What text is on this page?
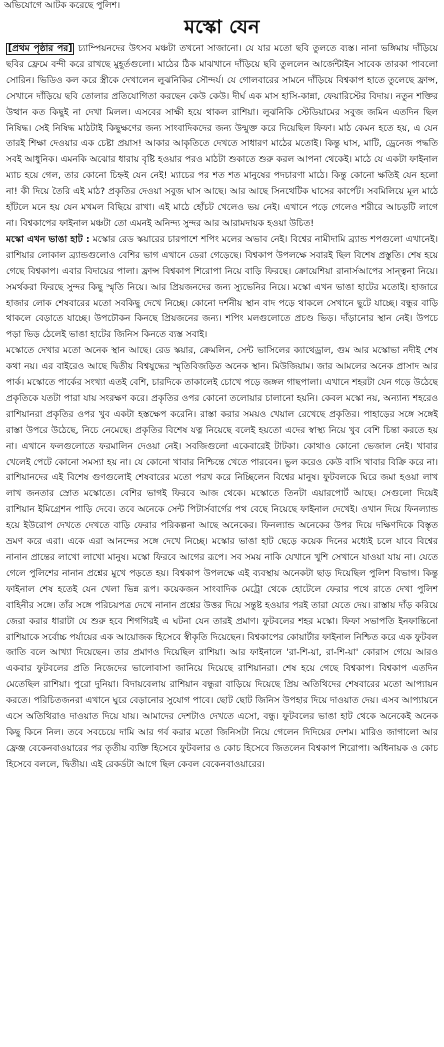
অভিযোগে আটক করেছে পুলিশ।
মস্কো যেন

[প্রথম পৃষ্ঠার পর] চ্যাম্পিয়নদের উৎসব মঞ্চটা তখনো সাজানো। যে যার মতো ছবি তুলতে ব্যস্ত। নানা ভঙ্গিমায় দাঁড়িয়ে ছবির ফ্রেমে বন্দী করে রাখছে মুহূর্তগুলো। মাঠের ঠিক মাঝখানে দাঁড়িয়ে ছবি তুললেন আর্জেন্টাইন সাবেক তারকা পাবলো সোরিন। ভিডিও কল করে স্ত্রীকে দেখালেন লুঝনিকির সৌন্দর্য। যে গোলবারের সামনে দাঁড়িয়ে বিশ্বকাপ হাতে তুলেছে ফ্রান্স, সেখানে দাঁড়িয়ে ছবি তোলার প্রতিযোগিতা করছেন কেউ কেউ। দীর্ঘ এক মাস হাসি-কান্না, ফেয়ারিস্টের বিদায়। নতুন শক্তির উত্থান কত কিছুই না দেখা মিলল। এসবের সাক্ষী হয়ে থাকল রাশিয়া। লুঝনিকি স্টেডিয়ামের সবুজ জমিন এতদিন ছিল নিষিদ্ধ। সেই নিষিদ্ধ মাঠটাই কিছুক্ষণের জন্য সাংবাদিকদের জন্য উন্মুক্ত করে দিয়েছিল ফিফা। মাঠ কেমন হতে হয়, এ যেন তারই শিক্ষা দেওয়ার এক চেষ্টা প্রয়াস! আকার আকৃতিতে দেখতে সাধারণ মাঠের মতোই। কিন্তু ঘাস, মাটি, ড্রেনেজ পদ্ধতি সবই আধুনিক। এমনকি অঝোর ধারায় বৃষ্টি হওয়ার পরও মাঠটা শুকাতে শুরু করল আপনা থেকেই। মাঠে যে একটা ফাইনাল ম্যাচ হয়ে গেল, তার কোনো চিহ্নই যেন নেই! ম্যাচের পর শত শত মানুষের পদচারণা মাঠে। কিন্তু কোনো ক্ষতিই যেন হলো না! কী দিয়ে তৈরি এই মাঠ? প্রকৃতির দেওয়া সবুজ ঘাস আছে। আর আছে সিনথেটিক ঘাসের কার্পেট। সবমিলিয়ে মূল মাঠে হাঁটলে মনে হয় যেন মখমল বিছিয়ে রাখা। এই মাঠে হোঁচট খেলেও ভয় নেই। এখানে পড়ে গেলেও শরীরে আচড়টি লাগে না। বিশ্বকাপের ফাইনাল মঞ্চটা তো এমনই অনিন্দ্য সুন্দর আর আরামদায়ক হওয়া উচিত!

মস্কো এখন ভাঙা হাট : মস্কোর রেড স্কয়ারের চারপাশে শপিং মলের অভাব নেই। বিশ্বের নামীদামি ব্র্যান্ড শপগুলো এখানেই। রাশিয়ার লোকাল ব্র্যান্ডগুলোও বেশির ভাগ এখানে ডেরা গেড়েছে। বিশ্বকাপ উপলক্ষে সবারই ছিল বিশেষ প্রস্তুতি। শেষ হয়ে গেছে বিশ্বকাপ। এবার বিদায়ের পালা। ফ্রান্স বিশ্বকাপ শিরোপা নিয়ে বাড়ি ফিরছে। ক্রোয়েশিয়া রানার্সআপের সান্ত্বনা নিয়ে। সমর্থকরা ফিরছে সুন্দর কিছু স্মৃতি নিয়ে। আর প্রিয়জনদের জন্য স্যুভেনির নিয়ে। মস্কো এখন ভাঙা হাটের মতোই। হাজারে হাজার লোক শেষবারের মতো সবকিছু দেখে নিচ্ছে। কোনো দর্শনীয় স্থান বাদ পড়ে থাকলে সেখানে ছুটে যাচ্ছে। বন্ধুর বাড়ি থাকলে বেড়াতে যাচ্ছে। উপঢৌকন কিনছে প্রিয়জনের জন্য। শপিং মলগুলোতে প্রচণ্ড ভিড়। দাঁড়ানোর স্থান নেই। উপচে পড়া ভিড় ঠেলেই ভাঙা হাটের জিনিস কিনতে ব্যস্ত সবাই।

মস্কোতে দেখার মতো অনেক স্থান আছে। রেড স্কয়ার, ক্রেমলিন, সেন্ট ভাসিলের ক্যাথেড্রাল, গুম আর মস্কোভা নদীই শেষ কথা নয়। এর বাইরেও আছে দ্বিতীয় বিশ্বযুদ্ধের স্মৃতিবিজড়িত অনেক স্থান। মিউজিয়াম। জার আমলের অনেক প্রাসাদ আর পার্ক। মস্কোতে পার্কের সংখ্যা এতই বেশি, চারদিকে তাকালেই চোখে পড়ে জঙ্গল গাছপালা। এখানে শহরটা যেন গড়ে উঠেছে প্রকৃতিকে যতটা পারা যায় সংরক্ষণ করে। প্রকৃতির ওপর কোনো তলোয়ার চালানো হয়নি। কেবল মস্কো নয়, অন্যান্য শহরেও রাশিয়ানরা প্রকৃতির ওপর খুব একটা হস্তক্ষেপ করেনি। রাস্তা করার সময়ও খেয়াল রেখেছে প্রকৃতির। পাহাড়ের সঙ্গে সঙ্গেই রাস্তা উপরে উঠেছে, নিচে নেমেছে। প্রকৃতির বিশেষ যত্ন নিয়েছে বলেই হয়তো এদের স্বাস্থ্য নিয়ে খুব বেশি চিন্তা করতে হয় না। এখানে ফলগুলোতে ফরমালিন দেওয়া নেই। সবজিগুলো একেবারেই টাটকা। কোথাও কোনো ভেজাল নেই। খাবার খেলেই পেটে কোনো সমস্যা হয় না। যে কোনো খাবার নিশ্চিন্তে খেতে পারবেন। ভুল করেও কেউ বাসি খাবার বিক্রি করে না। রাশিয়ানদের এই বিশেষ গুণগুলোই শেষবারের মতো পরখ করে নিচ্ছিলেন বিশ্বের মানুষ। ফুটবলকে ঘিরে জমা হওয়া লাখ লাখ জনতার স্রোত মস্কোতে। বেশির ভাগই ফিরবে আজ থেকে। মস্কোতে তিনটা এয়ারপোর্ট আছে। সেগুলো দিয়েই রাশিয়ান ইমিগ্রেশন পাড়ি দেবে। তবে অনেকে সেন্ট পিটার্সবার্গের পথ বেছে নিয়েছে ফাইনাল দেখেই। ওখান দিয়ে ফিনল্যান্ড হয়ে ইউরোপ দেখতে দেখতে বাড়ি ফেরার পরিকল্পনা আছে অনেকের। ফিনল্যান্ড অনেকের উপর দিয়ে দক্ষিণদিকে বিস্তৃত ভ্রমণ করে এরা। একে এরা আনন্দের সঙ্গে দেখে নিচ্ছে। মস্কোর ভাঙা হাট ছেড়ে কয়েক দিনের মধ্যেই চলে যাবে বিশ্বের নানান প্রান্তের লাখো লাখো মানুষ। মস্কো ফিরবে আগের রূপে। সব সময় নাকি যেখানে খুশি সেখানে যাওয়া যায় না। যেতে গেলে পুলিশের নানান প্রশ্নের মুখে পড়তে হয়। বিশ্বকাপ উপলক্ষে এই ব্যবস্থায় অনেকটা ছাড় দিয়েছিল পুলিশ বিভাগ। কিন্তু ফাইনাল শেষ হতেই যেন খেলা ভিন্ন রূপ। কয়েকজন সাংবাদিক মেট্রো থেকে হোটেলে ফেরার পথে রাতে দেখা পুলিশ বাহিনীর সঙ্গে। তাঁর সঙ্গে পরিচয়পত্র দেখে নানান প্রশ্নের উত্তর দিয়ে সন্তুষ্ট হওয়ার পরই তারা যেতে দেয়। রাস্তায় দাঁড় করিয়ে জেরা করার ধারাটা যে শুরু হবে শিগগিরই এ ঘটনা যেন তারই প্রমাণ। ফুটবলের শহর মস্কো। ফিফা সভাপতি ইনফান্তিনো রাশিয়াকে সর্বোচ্চ পর্যায়ের এক আয়োজক হিসেবে স্বীকৃতি দিয়েছেন। বিশ্বকাপের কোয়ার্টার ফাইনাল নিশ্চিত করে এক ফুটবল জাতি বলে আখ্যা দিয়েছেন। তার প্রমাণও দিয়েছিল রাশিয়া। আর ফাইনালে 'রা-শি-য়া, রা-শি-য়া' কোরাস গেয়ে আরও একবার ফুটবলের প্রতি নিজেদের ভালোবাসা জানিয়ে দিয়েছে রাশিয়ানরা। শেষ হয়ে গেছে বিশ্বকাপ। বিশ্বকাপ এতদিন মেতেছিল রাশিয়া। পুরো দুনিয়া। বিদায়বেলায় রাশিয়ান বন্ধুরা বাড়িয়ে দিয়েছে প্রিয় অতিথিদের শেষবারের মতো আপ্যায়ন করতে। পরিচিতজনরা এখানে ঘুরে বেড়ানোর সুযোগ পাবে। ছোট ছোট জিনিস উপহার দিয়ে দাওয়াত দেয়। এসব আপ্যায়নে এসে অতিথিরাও দাওয়াত দিয়ে যায়। আমাদের দেশটাও দেখতে এসো, বন্ধু। ফুটবলের ভাঙা হাট থেকে অনেকেই অনেক কিছু কিনে নিল। তবে সবচেয়ে দামি আর গর্ব করার মতো জিনিসটা নিয়ে গেলেন দিদিয়ের দেশম। মারিও জাগালো আর ফ্রেঞ্জ বেকেনবাওয়ারের পর তৃতীয় ব্যক্তি হিসেবে ফুটবলার ও কোচ হিসেবে জিতলেন বিশ্বকাপ শিরোপা। অধিনায়ক ও কোচ হিসেবে বললে, দ্বিতীয়। এই রেকর্ডটা আগে ছিল কেবল বেকেনবাওয়ারের।
